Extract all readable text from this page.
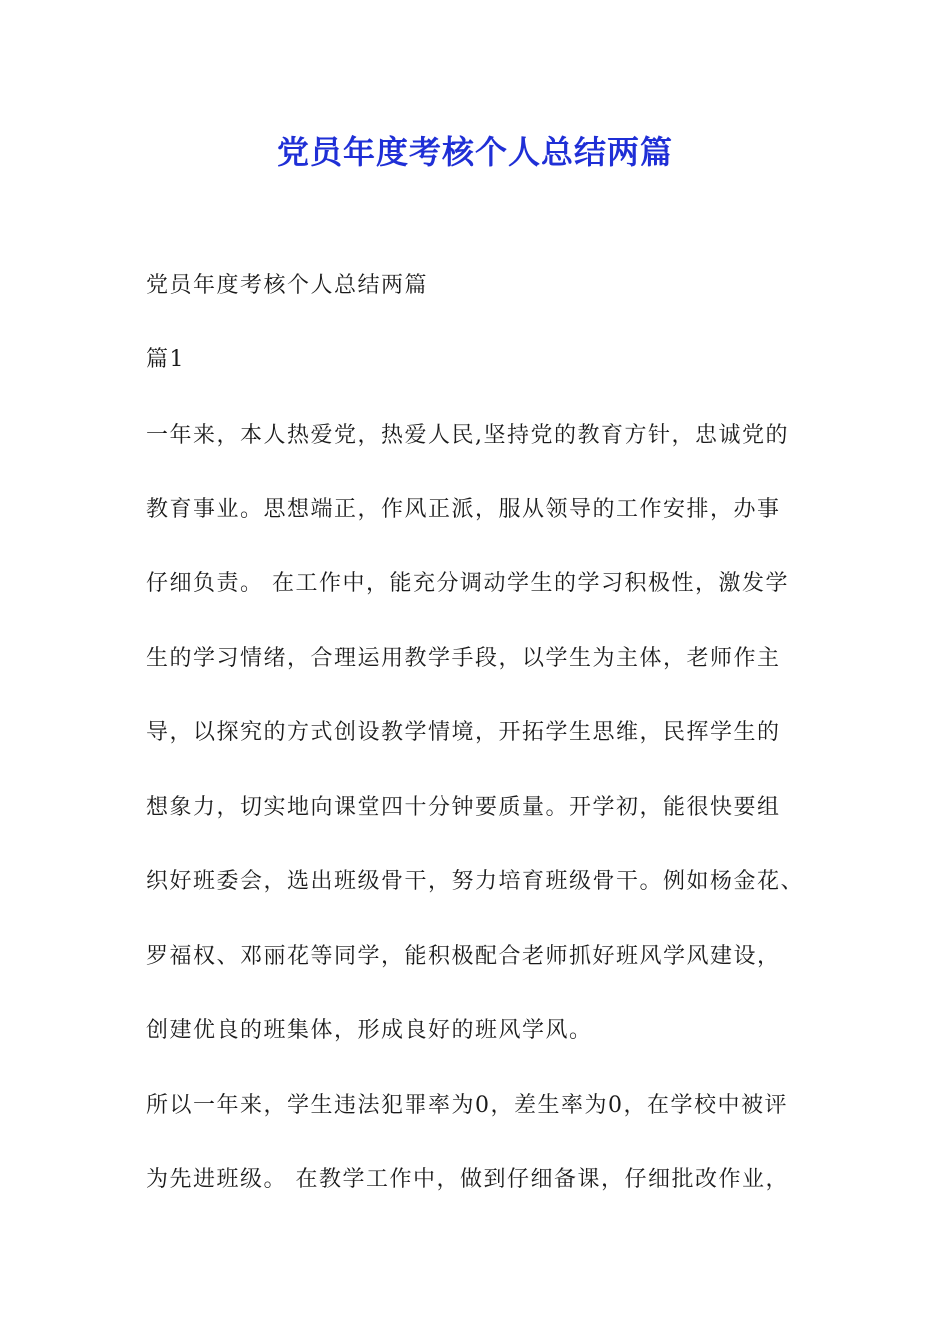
党员年度考核个人总结两篇

党员年度考核个人总结两篇

篇1

一年来，本人热爱党，热爱人民,坚持党的教育方针，忠诚党的

教育事业。思想端正，作风正派，服从领导的工作安排，办事

仔细负责。 在工作中，能充分调动学生的学习积极性，激发学

生的学习情绪，合理运用教学手段，以学生为主体，老师作主

导，以探究的方式创设教学情境，开拓学生思维，民挥学生的

想象力，切实地向课堂四十分钟要质量。开学初，能很快要组

织好班委会，选出班级骨干，努力培育班级骨干。例如杨金花、

罗福权、邓丽花等同学，能积极配合老师抓好班风学风建设，

创建优良的班集体，形成良好的班风学风。

所以一年来，学生违法犯罪率为0，差生率为0，在学校中被评

为先进班级。 在教学工作中，做到仔细备课，仔细批改作业，
